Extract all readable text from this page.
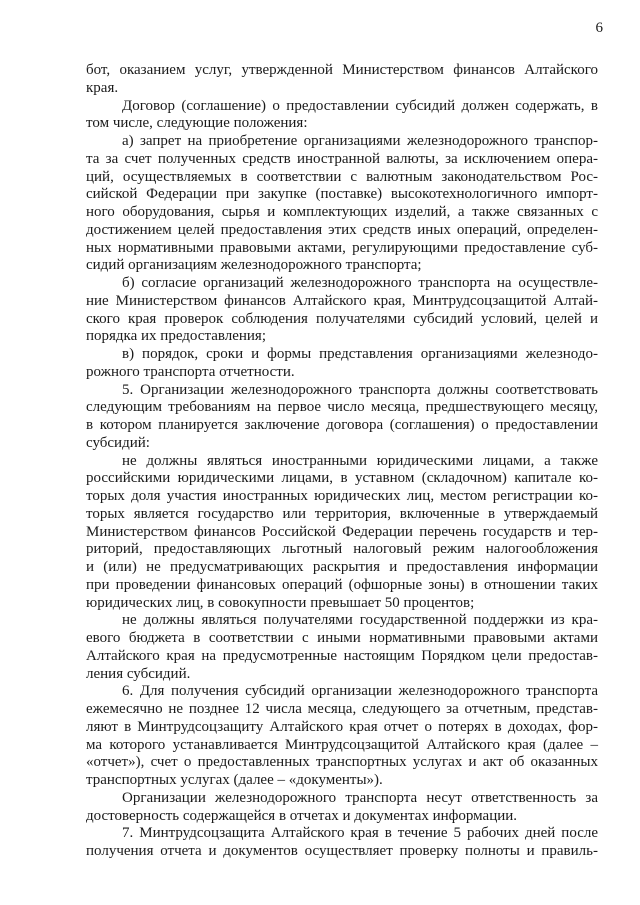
6
бот, оказанием услуг, утвержденной Министерством финансов Алтайского
края.
Договор (соглашение) о предоставлении субсидий должен содержать, в
том числе, следующие положения:
а) запрет на приобретение организациями железнодорожного транспор-
та за счет полученных средств иностранной валюты, за исключением опера-
ций, осуществляемых в соответствии с валютным законодательством Рос-
сийской Федерации при закупке (поставке) высокотехнологичного импорт-
ного оборудования, сырья и комплектующих изделий, а также связанных с
достижением целей предоставления этих средств иных операций, определен-
ных нормативными правовыми актами, регулирующими предоставление суб-
сидий организациям железнодорожного транспорта;
б) согласие организаций железнодорожного транспорта на осуществле-
ние Министерством финансов Алтайского края, Минтрудсоцзащитой Алтай-
ского края проверок соблюдения получателями субсидий условий, целей и
порядка их предоставления;
в) порядок, сроки и формы представления организациями железнодо-
рожного транспорта отчетности.
5. Организации железнодорожного транспорта должны соответствовать
следующим требованиям на первое число месяца, предшествующего месяцу,
в котором планируется заключение договора (соглашения) о предоставлении
субсидий:
не должны являться иностранными юридическими лицами, а также
российскими юридическими лицами, в уставном (складочном) капитале ко-
торых доля участия иностранных юридических лиц, местом регистрации ко-
торых является государство или территория, включенные в утверждаемый
Министерством финансов Российской Федерации перечень государств и тер-
риторий, предоставляющих льготный налоговый режим налогообложения
и (или) не предусматривающих раскрытия и предоставления информации
при проведении финансовых операций (офшорные зоны) в отношении таких
юридических лиц, в совокупности превышает 50 процентов;
не должны являться получателями государственной поддержки из кра-
евого бюджета в соответствии с иными нормативными правовыми актами
Алтайского края на предусмотренные настоящим Порядком цели предостав-
ления субсидий.
6. Для получения субсидий организации железнодорожного транспорта
ежемесячно не позднее 12 числа месяца, следующего за отчетным, представ-
ляют в Минтрудсоцзащиту Алтайского края отчет о потерях в доходах, фор-
ма которого устанавливается Минтрудсоцзащитой Алтайского края (далее –
«отчет»), счет о предоставленных транспортных услугах и акт об оказанных
транспортных услугах (далее – «документы»).
Организации железнодорожного транспорта несут ответственность за
достоверность содержащейся в отчетах и документах информации.
7. Минтрудсоцзащита Алтайского края в течение 5 рабочих дней после
получения отчета и документов осуществляет проверку полноты и правиль-
